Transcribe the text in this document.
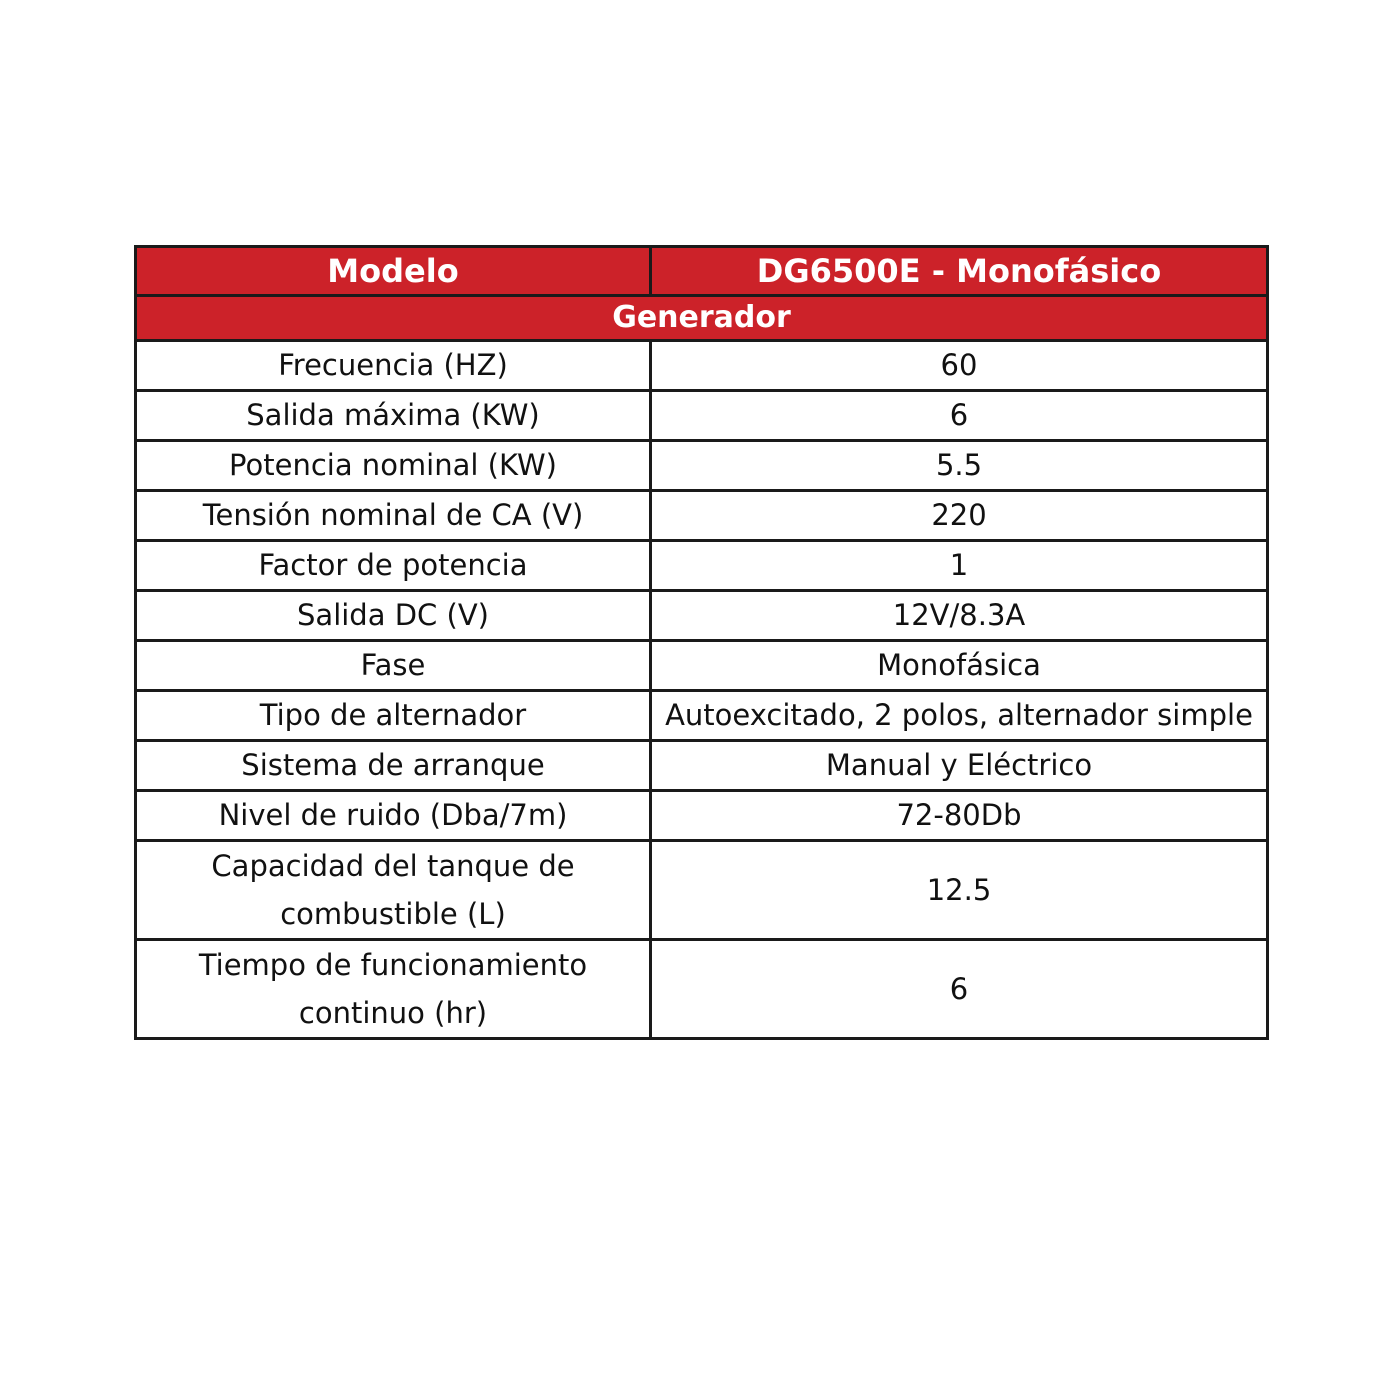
Modelo	DG6500E - Monofásico
Generador	
Frecuencia (HZ)	60
Salida máxima (KW)	6
Potencia nominal (KW)	5.5
Tensión nominal de CA (V)	220
Factor de potencia	1
Salida DC (V)	12V/8.3A
Fase	Monofásica
Tipo de alternador	Autoexcitado, 2 polos, alternador simple
Sistema de arranque	Manual y Eléctrico
Nivel de ruido (Dba/7m)	72-80Db
Capacidad del tanque de combustible (L)	12.5
Tiempo de funcionamiento continuo (hr)	6
